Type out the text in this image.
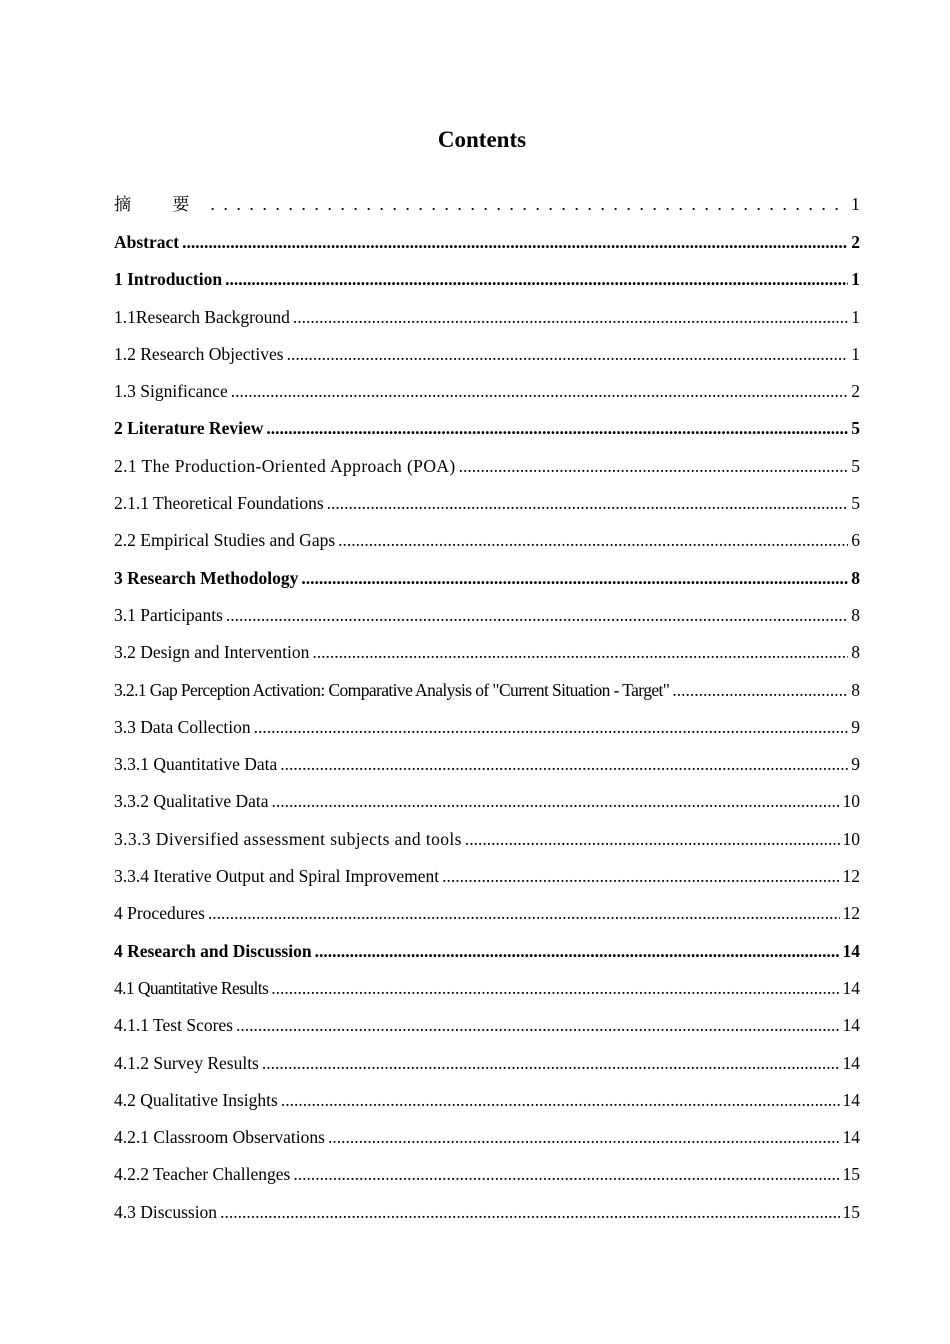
Contents
摘 要 . . .	1
Abstract .....	2
1 Introduction .....	1
1.1Research Background .....	1
1.2 Research Objectives .....	1
1.3 Significance .....	2
2 Literature Review .....	5
2.1 The Production-Oriented Approach (POA) .....	5
2.1.1 Theoretical Foundations .....	5
2.2 Empirical Studies and Gaps .....	6
3 Research Methodology .....	8
3.1 Participants .....	8
3.2 Design and Intervention .....	8
3.2.1 Gap Perception Activation: Comparative Analysis of "Current Situation - Target" .....	8
3.3 Data Collection .....	9
3.3.1 Quantitative Data .....	9
3.3.2 Qualitative Data .....	10
3.3.3 Diversified assessment subjects and tools .....	10
3.3.4 Iterative Output and Spiral Improvement .....	12
4 Procedures .....	12
4 Research and Discussion .....	14
4.1 Quantitative Results .....	14
4.1.1 Test Scores .....	14
4.1.2 Survey Results .....	14
4.2 Qualitative Insights .....	14
4.2.1 Classroom Observations .....	14
4.2.2 Teacher Challenges .....	15
4.3 Discussion .....	15
